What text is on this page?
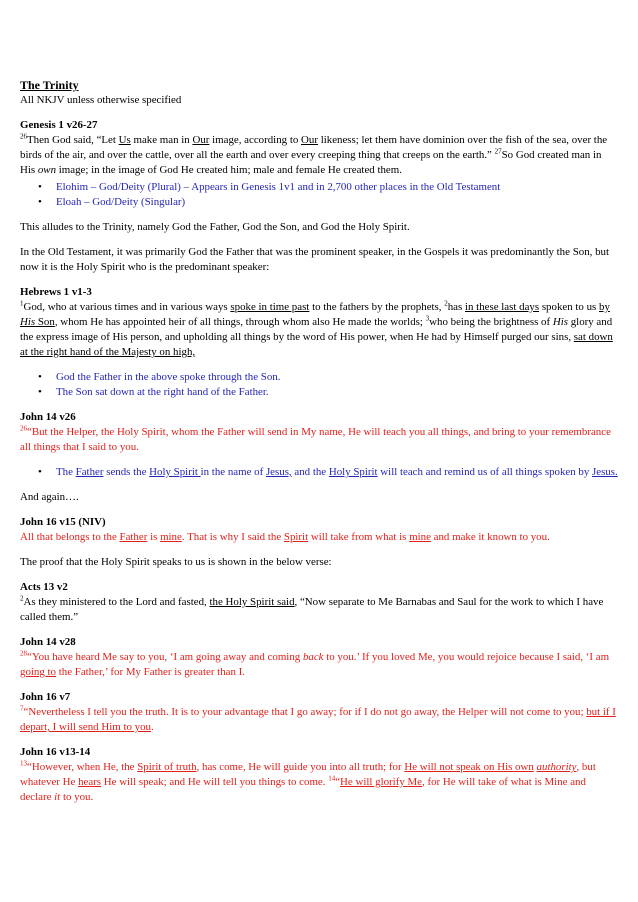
The Trinity
All NKJV unless otherwise specified
Genesis 1 v26-27
$^{26}$Then God said, “Let Us make man in Our image, according to Our likeness; let them have dominion over the fish of the sea, over the birds of the air, and over the cattle, over all the earth and over every creeping thing that creeps on the earth.” $^{27}$So God created man in His own image; in the image of God He created him; male and female He created them.
• Elohim – God/Deity (Plural) – Appears in Genesis 1v1 and in 2,700 other places in the Old Testament
• Eloah – God/Deity (Singular)

This alludes to the Trinity, namely God the Father, God the Son, and God the Holy Spirit.

In the Old Testament, it was primarily God the Father that was the prominent speaker, in the Gospels it was predominantly the Son, but now it is the Holy Spirit who is the predominant speaker:

Hebrews 1 v1-3
$^1$God, who at various times and in various ways spoke in time past to the fathers by the prophets, $^2$has in these last days spoken to us by His Son, whom He has appointed heir of all things, through whom also He made the worlds; $^3$who being the brightness of His glory and the express image of His person, and upholding all things by the word of His power, when He had by Himself purged our sins, sat down at the right hand of the Majesty on high,
• God the Father in the above spoke through the Son.
• The Son sat down at the right hand of the Father.
John 14 v26
$^{26}$“But the Helper, the Holy Spirit, whom the Father will send in My name, He will teach you all things, and bring to your remembrance all things that I said to you.
• The Father sends the Holy Spirit in the name of Jesus, and the Holy Spirit will teach and remind us of all things spoken by Jesus.

And again….

John 16 v15 (NIV)
All that belongs to the Father is mine. That is why I said the Spirit will take from what is mine and make it known to you.

The proof that the Holy Spirit speaks to us is shown in the below verse:

Acts 13 v2
$^2$As they ministered to the Lord and fasted, the Holy Spirit said, “Now separate to Me Barnabas and Saul for the work to which I have called them.”
John 14 v28
$^{28}$“You have heard Me say to you, ‘I am going away and coming back to you.’ If you loved Me, you would rejoice because I said, ‘I am going to the Father,’ for My Father is greater than I.
John 16 v7
$^7$“Nevertheless I tell you the truth. It is to your advantage that I go away; for if I do not go away, the Helper will not come to you; but if I depart, I will send Him to you.
John 16 v13-14
$^{13}$“However, when He, the Spirit of truth, has come, He will guide you into all truth; for He will not speak on His own authority, but whatever He hears He will speak; and He will tell you things to come. $^{14}$“He will glorify Me, for He will take of what is Mine and declare it to you.
